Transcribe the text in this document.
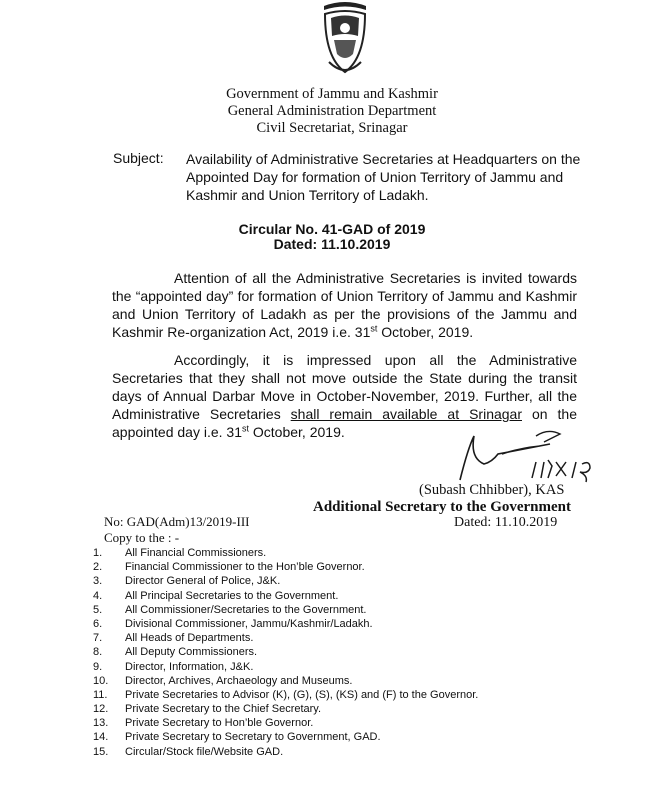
Government of Jammu and Kashmir
General Administration Department
Civil Secretariat, Srinagar
Subject: Availability of Administrative Secretaries at Headquarters on the Appointed Day for formation of Union Territory of Jammu and Kashmir and Union Territory of Ladakh.
Circular No. 41-GAD of 2019
Dated: 11.10.2019
Attention of all the Administrative Secretaries is invited towards the “appointed day” for formation of Union Territory of Jammu and Kashmir and Union Territory of Ladakh as per the provisions of the Jammu and Kashmir Re-organization Act, 2019 i.e. 31st October, 2019.
Accordingly, it is impressed upon all the Administrative Secretaries that they shall not move outside the State during the transit days of Annual Darbar Move in October-November, 2019. Further, all the Administrative Secretaries shall remain available at Srinagar on the appointed day i.e. 31st October, 2019.
(Subash Chhibber), KAS
Additional Secretary to the Government
No: GAD(Adm)13/2019-III	Dated: 11.10.2019
Copy to the : -
1. All Financial Commissioners.
2. Financial Commissioner to the Hon’ble Governor.
3. Director General of Police, J&K.
4. All Principal Secretaries to the Government.
5. All Commissioner/Secretaries to the Government.
6. Divisional Commissioner, Jammu/Kashmir/Ladakh.
7. All Heads of Departments.
8. All Deputy Commissioners.
9. Director, Information, J&K.
10. Director, Archives, Archaeology and Museums.
11. Private Secretaries to Advisor (K), (G), (S), (KS) and (F) to the Governor.
12. Private Secretary to the Chief Secretary.
13. Private Secretary to Hon’ble Governor.
14. Private Secretary to Secretary to Government, GAD.
15. Circular/Stock file/Website GAD.
